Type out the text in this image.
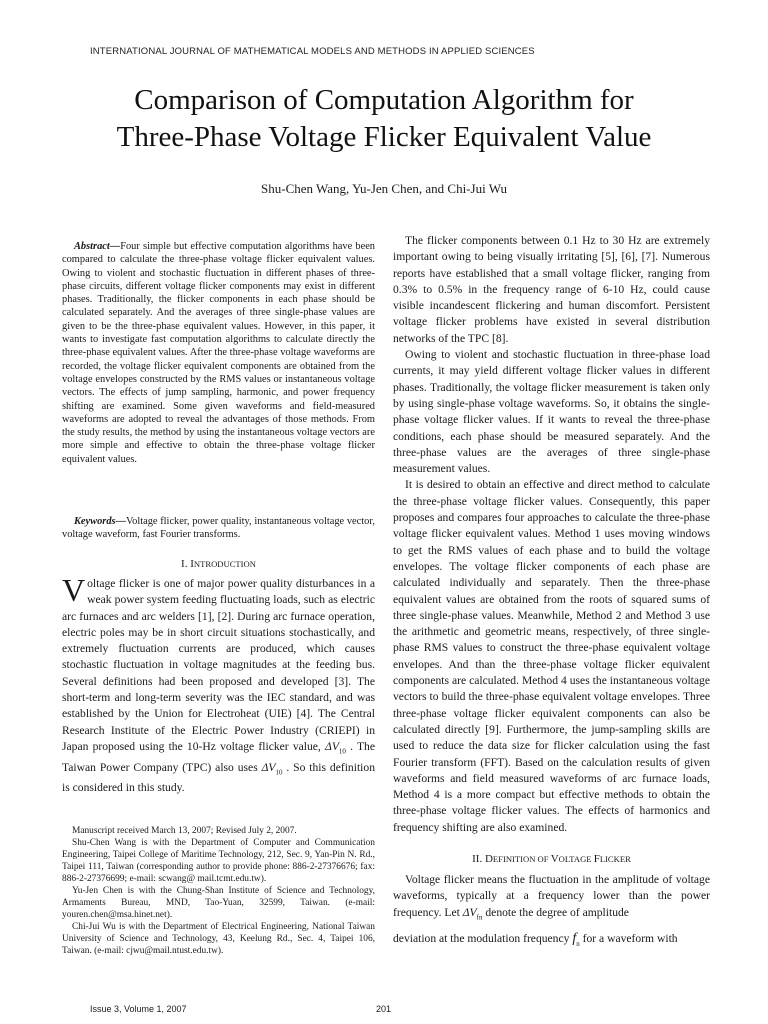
INTERNATIONAL JOURNAL OF MATHEMATICAL MODELS AND METHODS IN APPLIED SCIENCES
Comparison of Computation Algorithm for
Three-Phase Voltage Flicker Equivalent Value
Shu-Chen Wang, Yu-Jen Chen, and Chi-Jui Wu

Abstract—Four simple but effective computation algorithms have been compared to calculate the three-phase voltage flicker equivalent values. Owing to violent and stochastic fluctuation in different phases of three-phase circuits, different voltage flicker components may exist in different phases. Traditionally, the flicker components in each phase should be calculated separately. And the averages of three single-phase values are given to be the three-phase equivalent values. However, in this paper, it wants to investigate fast computation algorithms to calculate directly the three-phase equivalent values. After the three-phase voltage waveforms are recorded, the voltage flicker equivalent components are obtained from the voltage envelopes constructed by the RMS values or instantaneous voltage vectors. The effects of jump sampling, harmonic, and power frequency shifting are examined. Some given waveforms and field-measured waveforms are adopted to reveal the advantages of those methods. From the study results, the method by using the instantaneous voltage vectors are more simple and effective to obtain the three-phase voltage flicker equivalent values.

Keywords—Voltage flicker, power quality, instantaneous voltage vector, voltage waveform, fast Fourier transforms.

I. INTRODUCTION

Voltage flicker is one of major power quality disturbances in a weak power system feeding fluctuating loads, such as electric arc furnaces and arc welders [1], [2]. During arc furnace operation, electric poles may be in short circuit situations stochastically, and extremely fluctuation currents are produced, which causes stochastic fluctuation in voltage magnitudes at the feeding bus. Several definitions had been proposed and developed [3]. The short-term and long-term severity was the IEC standard, and was established by the Union for Electroheat (UIE) [4]. The Central Research Institute of the Electric Power Industry (CRIEPI) in Japan proposed using the 10-Hz voltage flicker value, $\Delta V_{10}$ . The Taiwan Power Company (TPC) also uses $\Delta V_{10}$ . So this definition is considered in this study.

Manuscript received March 13, 2007; Revised July 2, 2007.

Shu-Chen Wang is with the Department of Computer and Communication Engineering, Taipei College of Maritime Technology, 212, Sec. 9, Yan-Pin N. Rd., Taipei 111, Taiwan (corresponding author to provide phone: 886-2-27376676; fax: 886-2-27376699; e-mail: scwang@ mail.tcmt.edu.tw).

Yu-Jen Chen is with the Chung-Shan Institute of Science and Technology, Armaments Bureau, MND, Tao-Yuan, 32599, Taiwan. (e-mail: youren.chen@msa.hinet.net).

Chi-Jui Wu is with the Department of Electrical Engineering, National Taiwan University of Science and Technology, 43, Keelung Rd., Sec. 4, Taipei 106, Taiwan. (e-mail: cjwu@mail.ntust.edu.tw).

The flicker components between 0.1 Hz to 30 Hz are extremely important owing to being visually irritating [5], [6], [7]. Numerous reports have established that a small voltage flicker, ranging from 0.3% to 0.5% in the frequency range of 6-10 Hz, could cause visible incandescent flickering and human discomfort. Persistent voltage flicker problems have existed in several distribution networks of the TPC [8].

Owing to violent and stochastic fluctuation in three-phase load currents, it may yield different voltage flicker values in different phases. Traditionally, the voltage flicker measurement is taken only by using single-phase voltage waveforms. So, it obtains the single-phase voltage flicker values. If it wants to reveal the three-phase conditions, each phase should be measured separately. And the three-phase values are the averages of three single-phase measurement values.

It is desired to obtain an effective and direct method to calculate the three-phase voltage flicker values. Consequently, this paper proposes and compares four approaches to calculate the three-phase voltage flicker equivalent values. Method 1 uses moving windows to get the RMS values of each phase and to build the voltage envelopes. The voltage flicker components of each phase are calculated individually and separately. Then the three-phase equivalent values are obtained from the roots of squared sums of three single-phase values. Meanwhile, Method 2 and Method 3 use the arithmetic and geometric means, respectively, of three single-phase RMS values to construct the three-phase equivalent voltage envelopes. And than the three-phase voltage flicker equivalent components are calculated. Method 4 uses the instantaneous voltage vectors to build the three-phase equivalent voltage envelopes. Three three-phase voltage flicker equivalent components can also be calculated directly [9]. Furthermore, the jump-sampling skills are used to reduce the data size for flicker calculation using the fast Fourier transform (FFT). Based on the calculation results of given waveforms and field measured waveforms of arc furnace loads, Method 4 is a more compact but effective methods to obtain the three-phase voltage flicker values. The effects of harmonics and frequency shifting are also examined.

II. DEFINITION OF VOLTAGE FLICKER

Voltage flicker means the fluctuation in the amplitude of voltage waveforms, typically at a frequency lower than the power frequency. Let $\Delta V_{fn}$ denote the degree of amplitude

deviation at the modulation frequency $f_n$ for a waveform with

Issue 3, Volume 1, 2007	201
